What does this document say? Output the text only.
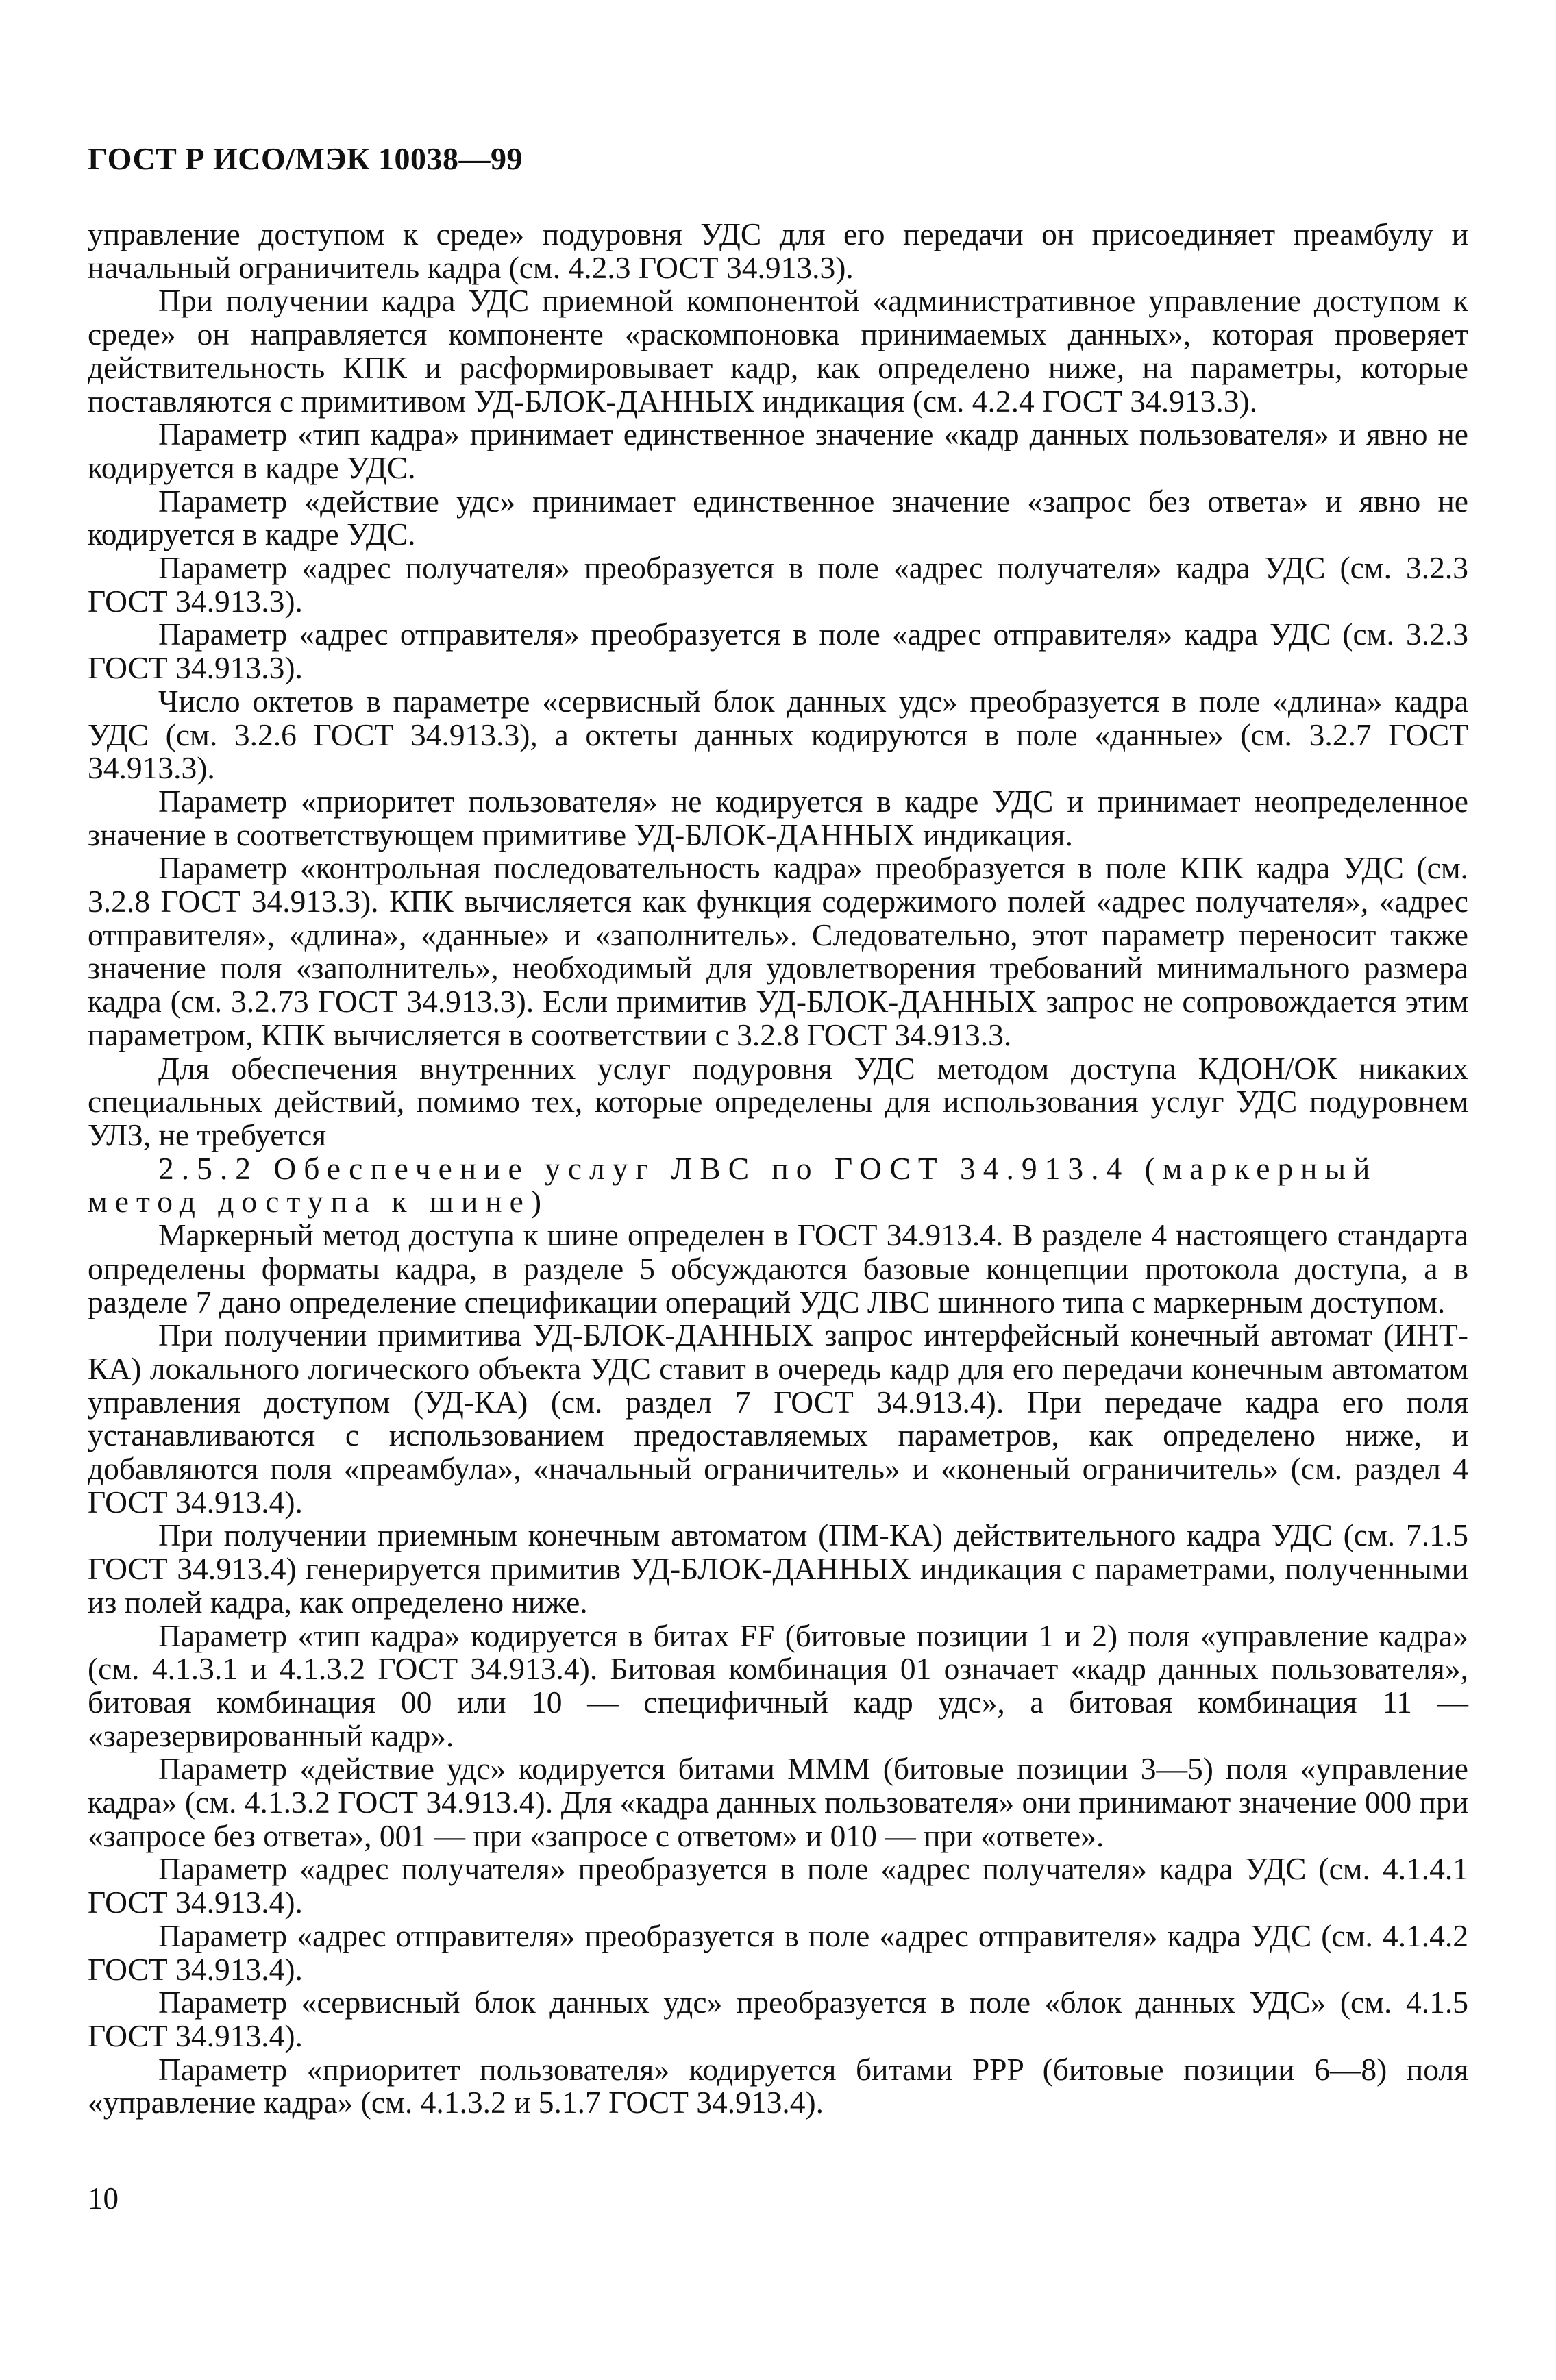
ГОСТ Р ИСО/МЭК 10038—99

управление доступом к среде» подуровня УДС для его передачи он присоединяет преамбулу и начальный ограничитель кадра (см. 4.2.3 ГОСТ 34.913.3).

При получении кадра УДС приемной компонентой «административное управление доступом к среде» он направляется компоненте «раскомпоновка принимаемых данных», которая проверяет действительность КПК и расформировывает кадр, как определено ниже, на параметры, которые поставляются с примитивом УД-БЛОК-ДАННЫХ индикация (см. 4.2.4 ГОСТ 34.913.3).

Параметр «тип кадра» принимает единственное значение «кадр данных пользователя» и явно не кодируется в кадре УДС.

Параметр «действие удс» принимает единственное значение «запрос без ответа» и явно не кодируется в кадре УДС.

Параметр «адрес получателя» преобразуется в поле «адрес получателя» кадра УДС (см. 3.2.3 ГОСТ 34.913.3).

Параметр «адрес отправителя» преобразуется в поле «адрес отправителя» кадра УДС (см. 3.2.3 ГОСТ 34.913.3).

Число октетов в параметре «сервисный блок данных удс» преобразуется в поле «длина» кадра УДС (см. 3.2.6 ГОСТ 34.913.3), а октеты данных кодируются в поле «данные» (см. 3.2.7 ГОСТ 34.913.3).

Параметр «приоритет пользователя» не кодируется в кадре УДС и принимает неопределенное значение в соответствующем примитиве УД-БЛОК-ДАННЫХ индикация.

Параметр «контрольная последовательность кадра» преобразуется в поле КПК кадра УДС (см. 3.2.8 ГОСТ 34.913.3). КПК вычисляется как функция содержимого полей «адрес получателя», «адрес отправителя», «длина», «данные» и «заполнитель». Следовательно, этот параметр переносит также значение поля «заполнитель», необходимый для удовлетворения требований минимального размера кадра (см. 3.2.73 ГОСТ 34.913.3). Если примитив УД-БЛОК-ДАННЫХ запрос не сопровождается этим параметром, КПК вычисляется в соответствии с 3.2.8 ГОСТ 34.913.3.

Для обеспечения внутренних услуг подуровня УДС методом доступа КДОН/ОК никаких специальных действий, помимо тех, которые определены для использования услуг УДС подуровнем УЛЗ, не требуется

2.5.2 Обеспечение услуг ЛВС по ГОСТ 34.913.4 (маркерный метод доступа к шине)

Маркерный метод доступа к шине определен в ГОСТ 34.913.4. В разделе 4 настоящего стандарта определены форматы кадра, в разделе 5 обсуждаются базовые концепции протокола доступа, а в разделе 7 дано определение спецификации операций УДС ЛВС шинного типа с маркерным доступом.

При получении примитива УД-БЛОК-ДАННЫХ запрос интерфейсный конечный автомат (ИНТ-КА) локального логического объекта УДС ставит в очередь кадр для его передачи конечным автоматом управления доступом (УД-КА) (см. раздел 7 ГОСТ 34.913.4). При передаче кадра его поля устанавливаются с использованием предоставляемых параметров, как определено ниже, и добавляются поля «преамбула», «начальный ограничитель» и «коненый ограничитель» (см. раздел 4 ГОСТ 34.913.4).

При получении приемным конечным автоматом (ПМ-КА) действительного кадра УДС (см. 7.1.5 ГОСТ 34.913.4) генерируется примитив УД-БЛОК-ДАННЫХ индикация с параметрами, полученными из полей кадра, как определено ниже.

Параметр «тип кадра» кодируется в битах FF (битовые позиции 1 и 2) поля «управление кадра» (см. 4.1.3.1 и 4.1.3.2 ГОСТ 34.913.4). Битовая комбинация 01 означает «кадр данных пользователя», битовая комбинация 00 или 10 — специфичный кадр удс», а битовая комбинация 11 — «зарезервированный кадр».

Параметр «действие удс» кодируется битами МММ (битовые позиции 3—5) поля «управление кадра» (см. 4.1.3.2 ГОСТ 34.913.4). Для «кадра данных пользователя» они принимают значение 000 при «запросе без ответа», 001 — при «запросе с ответом» и 010 — при «ответе».

Параметр «адрес получателя» преобразуется в поле «адрес получателя» кадра УДС (см. 4.1.4.1 ГОСТ 34.913.4).

Параметр «адрес отправителя» преобразуется в поле «адрес отправителя» кадра УДС (см. 4.1.4.2 ГОСТ 34.913.4).

Параметр «сервисный блок данных удс» преобразуется в поле «блок данных УДС» (см. 4.1.5 ГОСТ 34.913.4).

Параметр «приоритет пользователя» кодируется битами PPP (битовые позиции 6—8) поля «управление кадра» (см. 4.1.3.2 и 5.1.7 ГОСТ 34.913.4).

10
